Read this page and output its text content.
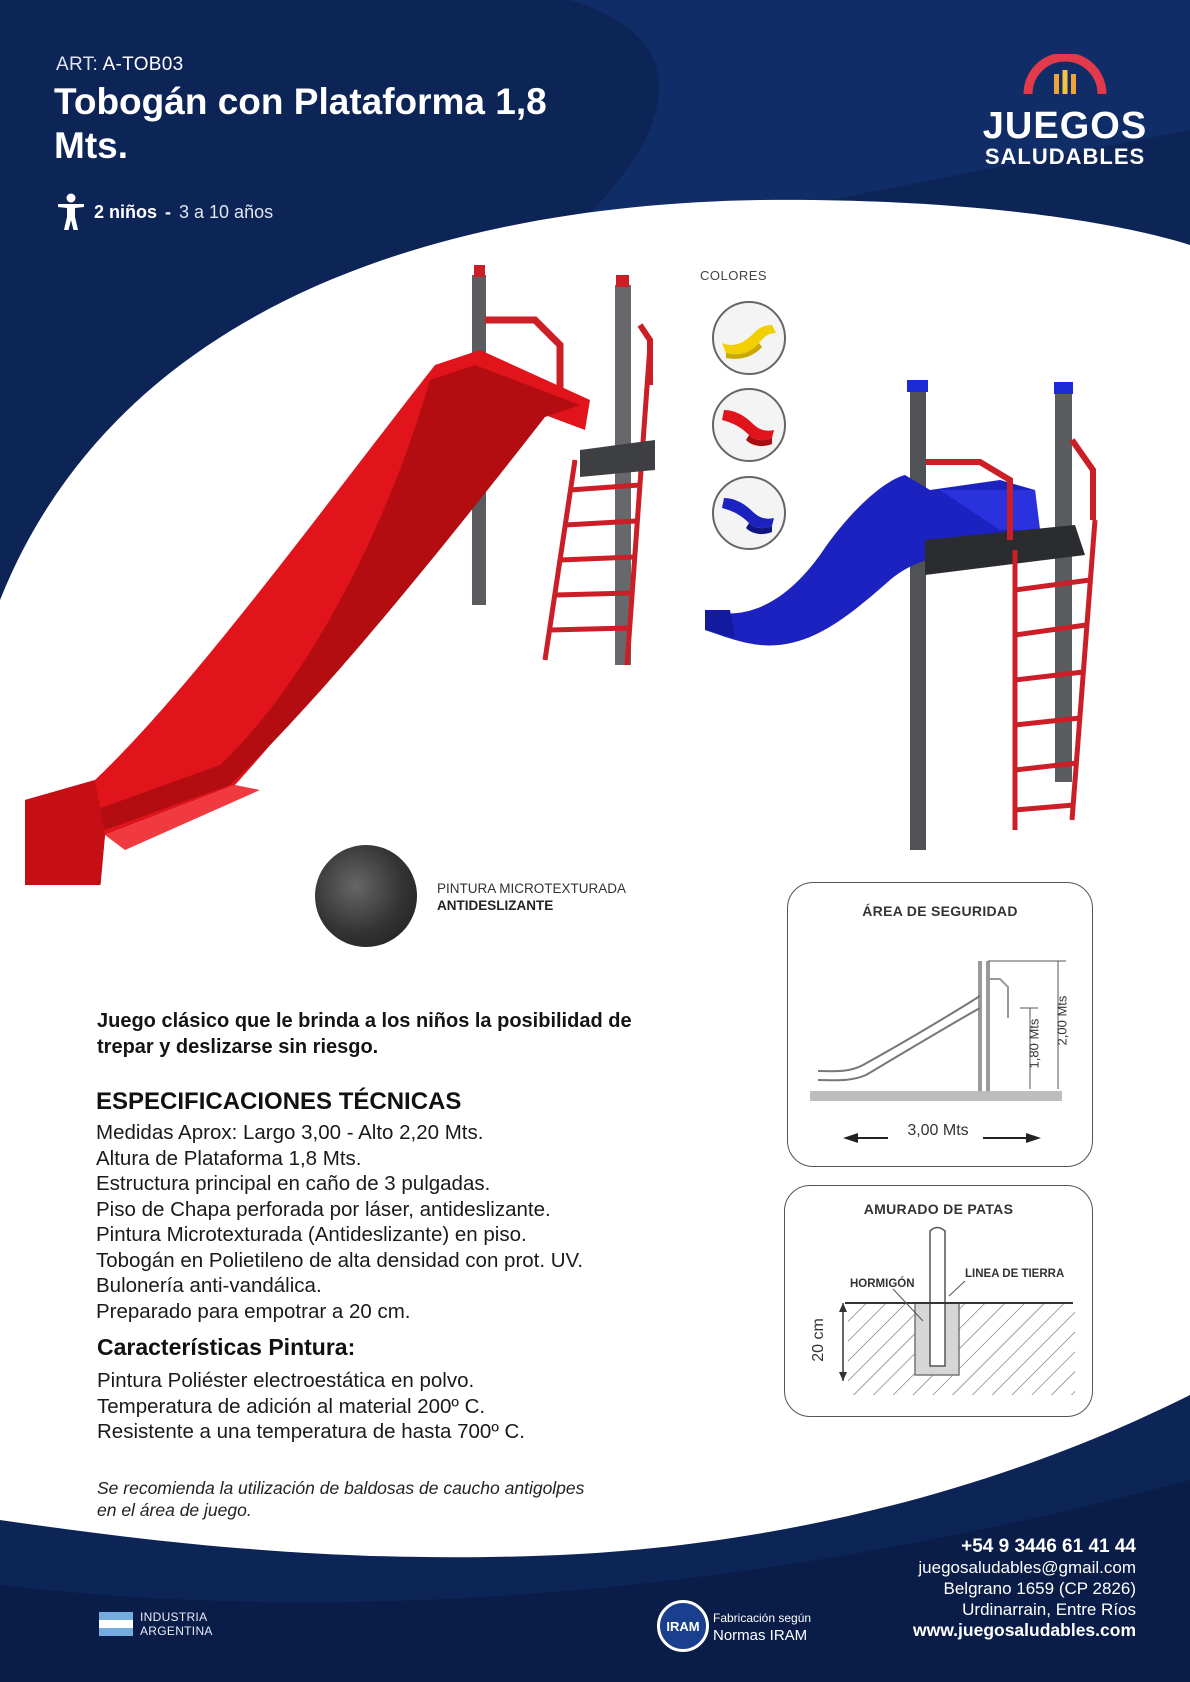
ART: A-TOB03
Tobogán con Plataforma 1,8 Mts.
2 niños - 3 a 10 años
JUEGOS
SALUDABLES
COLORES
PINTURA MICROTEXTURADA
ANTIDESLIZANTE
Juego clásico que le brinda a los niños la posibilidad de trepar y deslizarse sin riesgo.
ESPECIFICACIONES TÉCNICAS
Medidas Aprox: Largo 3,00 - Alto 2,20 Mts.
Altura de Plataforma 1,8 Mts.
Estructura principal en caño de 3 pulgadas.
Piso de Chapa perforada por láser, antideslizante.
Pintura Microtexturada (Antideslizante) en piso.
Tobogán en Polietileno de alta densidad con prot. UV.
Bulonería anti-vandálica.
Preparado para empotrar a 20 cm.
Características Pintura:
Pintura Poliéster electroestática en polvo.
Temperatura de adición al material 200º C.
Resistente a una temperatura de hasta 700º C.
Se recomienda la utilización de baldosas de caucho antigolpes en el área de juego.
ÁREA DE SEGURIDAD
1,80 Mts 2,00 Mts
3,00 Mts
AMURADO DE PATAS
HORMIGÓN
LINEA DE TIERRA
20 cm
+54 9 3446 61 41 44
juegosaludables@gmail.com
Belgrano 1659 (CP 2826)
Urdinarrain, Entre Ríos
www.juegosaludables.com
INDUSTRIA
ARGENTINA	IRAM
Fabricación según
Normas IRAM
